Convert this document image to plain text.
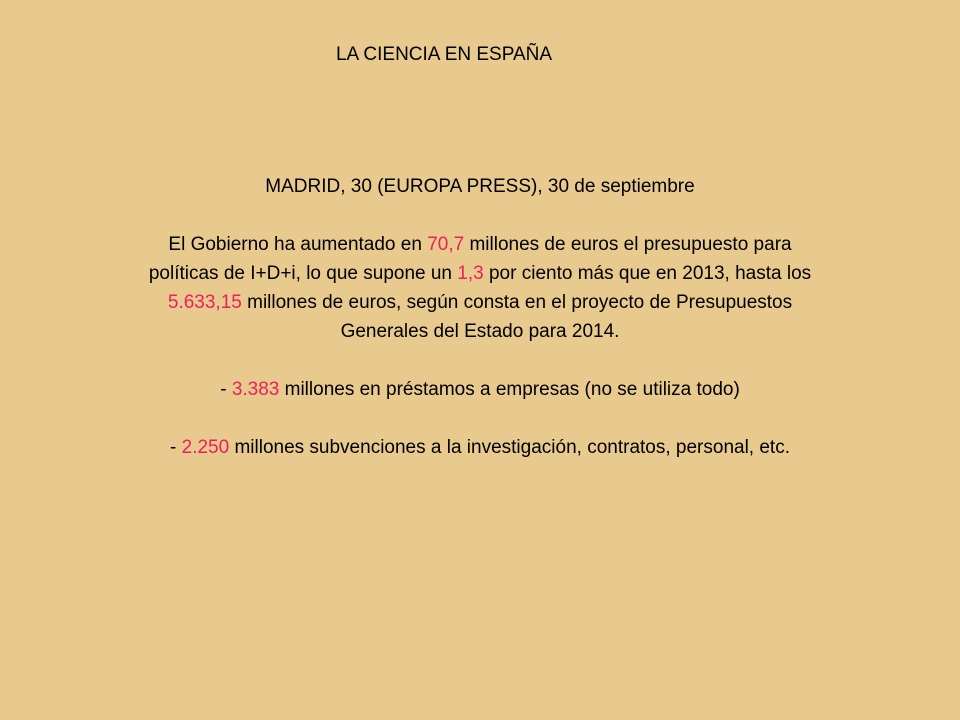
LA CIENCIA EN ESPAÑA

MADRID, 30 (EUROPA PRESS), 30 de septiembre

El Gobierno ha aumentado en 70,7 millones de euros el presupuesto para

políticas de I+D+i, lo que supone un 1,3 por ciento más que en 2013, hasta los

5.633,15 millones de euros, según consta en el proyecto de Presupuestos

Generales del Estado para 2014.

- 3.383 millones en préstamos a empresas (no se utiliza todo)

- 2.250 millones subvenciones a la investigación, contratos, personal, etc.
